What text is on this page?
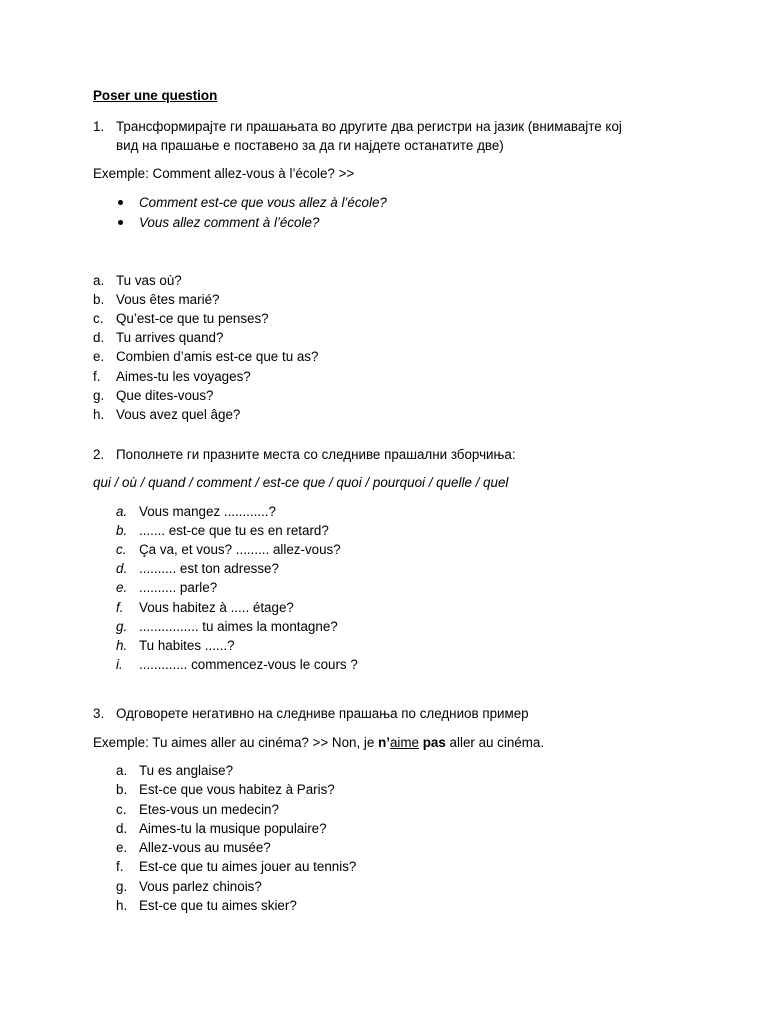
Poser une question
1. Трансформирајте ги прашањата во другите два регистри на јазик (внимавајте кој
вид на прашање е поставено за да ги најдете останатите две)
Exemple: Comment allez-vous à l’école? >>
Comment est-ce que vous allez à l’école?
Vous allez comment à l’école?
a. Tu vas où?
b. Vous êtes marié?
c. Qu’est-ce que tu penses?
d. Tu arrives quand?
e. Combien d’amis est-ce que tu as?
f. Aimes-tu les voyages?
g. Que dites-vous?
h. Vous avez quel âge?
2. Пополнете ги празните места со следниве прашални зборчиња:
qui / où / quand / comment / est-ce que / quoi / pourquoi / quelle / quel
a. Vous mangez ............?
b. ....... est-ce que tu es en retard?
c. Ça va, et vous? ......... allez-vous?
d. .......... est ton adresse?
e. .......... parle?
f. Vous habitez à ..... étage?
g. ................ tu aimes la montagne?
h. Tu habites ......?
i. ............. commencez-vous le cours ?
3. Одговорете негативно на следниве прашања по следниов пример
Exemple: Tu aimes aller au cinéma? >> Non, je n’aime pas aller au cinéma.
a. Tu es anglaise?
b. Est-ce que vous habitez à Paris?
c. Etes-vous un medecin?
d. Aimes-tu la musique populaire?
e. Allez-vous au musée?
f. Est-ce que tu aimes jouer au tennis?
g. Vous parlez chinois?
h. Est-ce que tu aimes skier?
